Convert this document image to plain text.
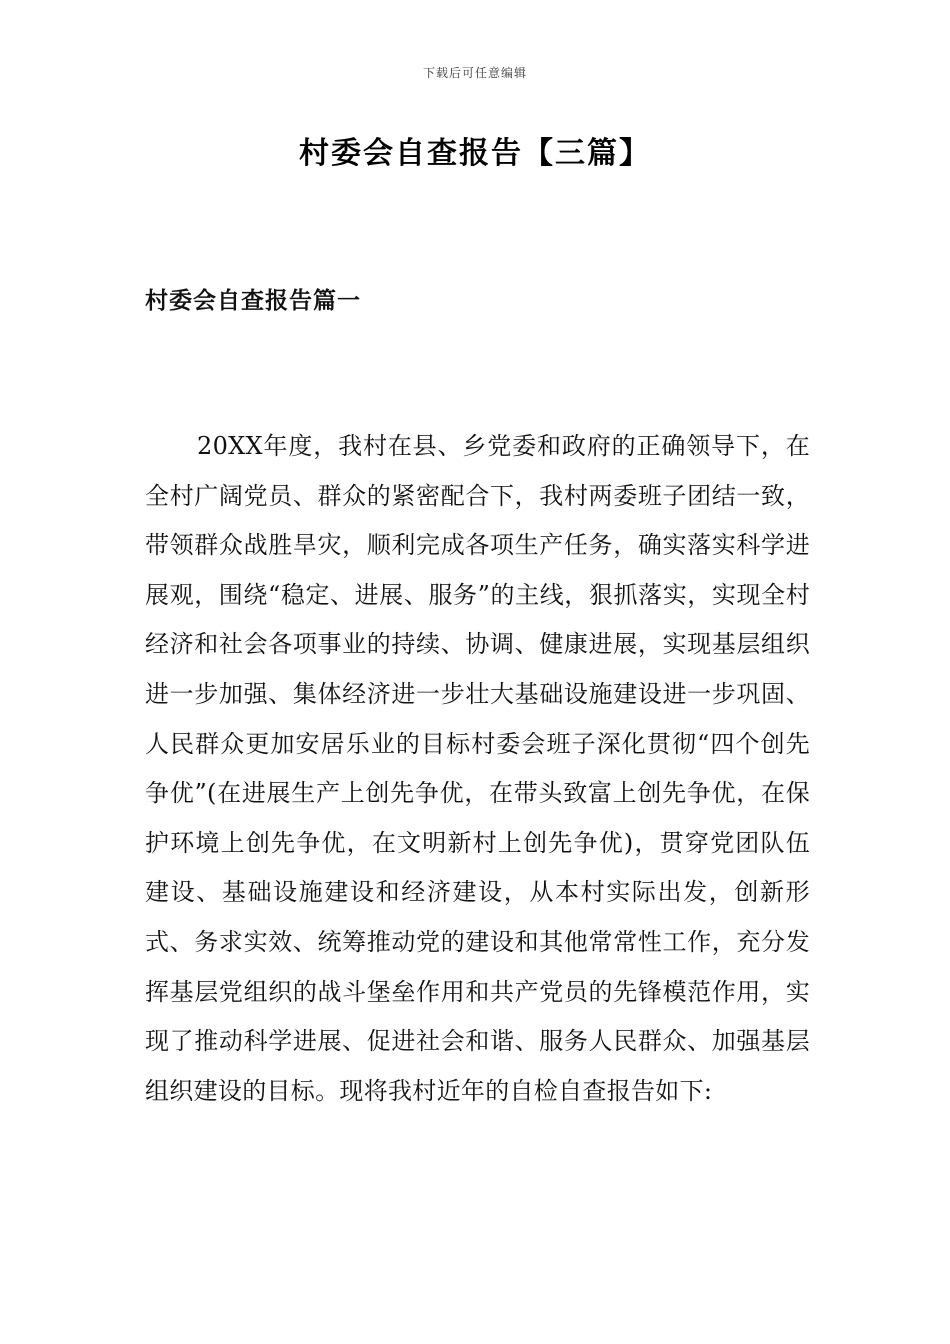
下载后可任意编辑
村委会自查报告【三篇】
村委会自查报告篇一

20XX年度，我村在县、乡党委和政府的正确领导下，在全村广阔党员、群众的紧密配合下，我村两委班子团结一致，带领群众战胜旱灾，顺利完成各项生产任务，确实落实科学进展观，围绕“稳定、进展、服务”的主线，狠抓落实，实现全村经济和社会各项事业的持续、协调、健康进展，实现基层组织进一步加强、集体经济进一步壮大基础设施建设进一步巩固、人民群众更加安居乐业的目标村委会班子深化贯彻“四个创先争优”(在进展生产上创先争优，在带头致富上创先争优，在保护环境上创先争优，在文明新村上创先争优)，贯穿党团队伍建设、基础设施建设和经济建设，从本村实际出发，创新形式、务求实效、统筹推动党的建设和其他常常性工作，充分发挥基层党组织的战斗堡垒作用和共产党员的先锋模范作用，实现了推动科学进展、促进社会和谐、服务人民群众、加强基层组织建设的目标。现将我村近年的自检自查报告如下:
